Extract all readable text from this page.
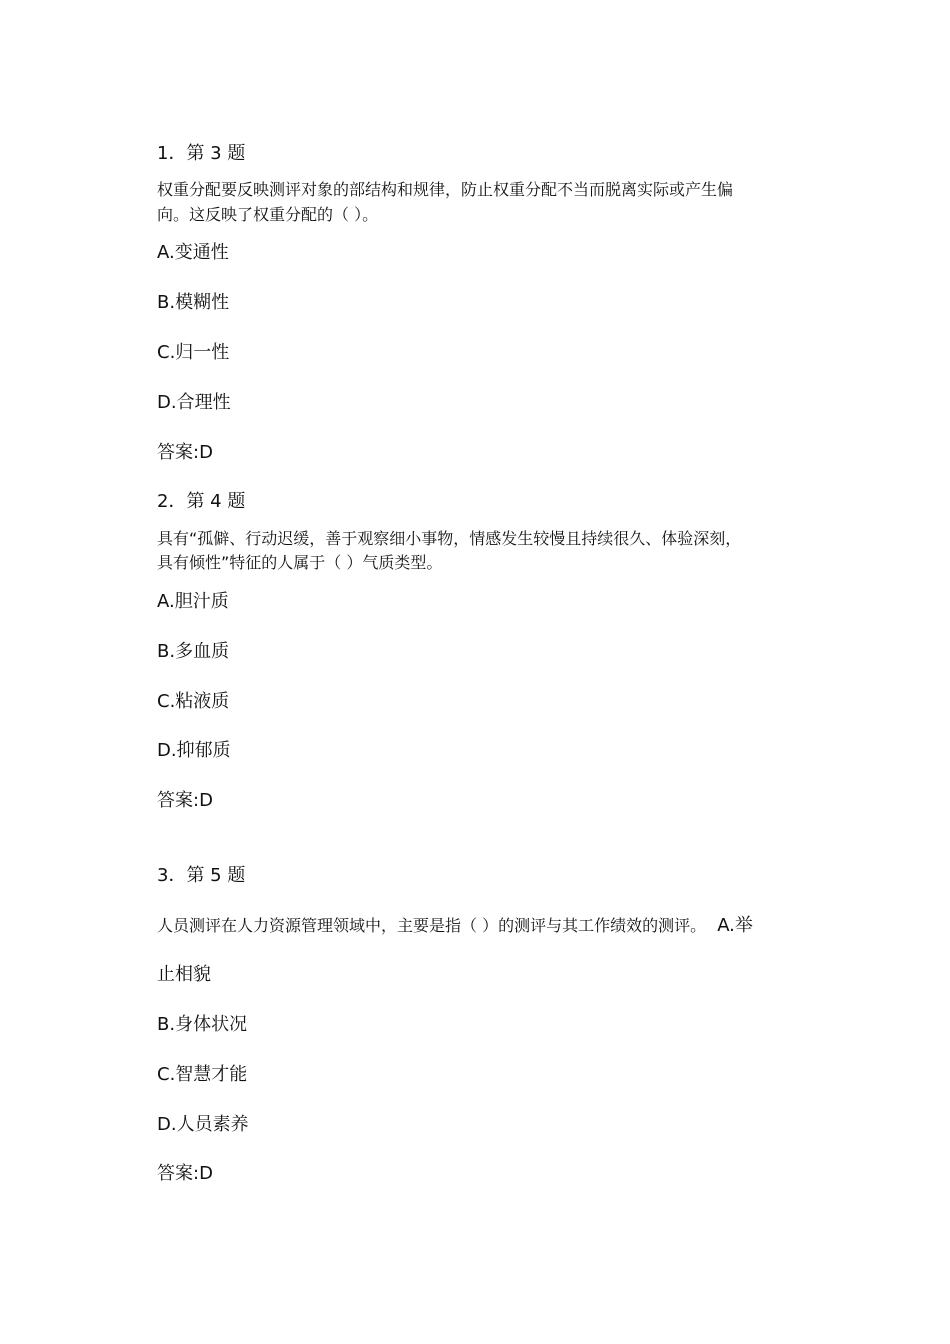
1．第 3 题
权重分配要反映测评对象的部结构和规律，防止权重分配不当而脱离实际或产生偏
向。这反映了权重分配的（ ）。
A.变通性
B.模糊性
C.归一性
D.合理性
答案:D
2．第 4 题
具有“孤僻、行动迟缓，善于观察细小事物，情感发生较慢且持续很久、体验深刻，
具有倾性”特征的人属于（ ）气质类型。
A.胆汁质
B.多血质
C.粘液质
D.抑郁质
答案:D
3．第 5 题
人员测评在人力资源管理领域中，主要是指（ ）的测评与其工作绩效的测评。 A.举
止相貌
B.身体状况
C.智慧才能
D.人员素养
答案:D
